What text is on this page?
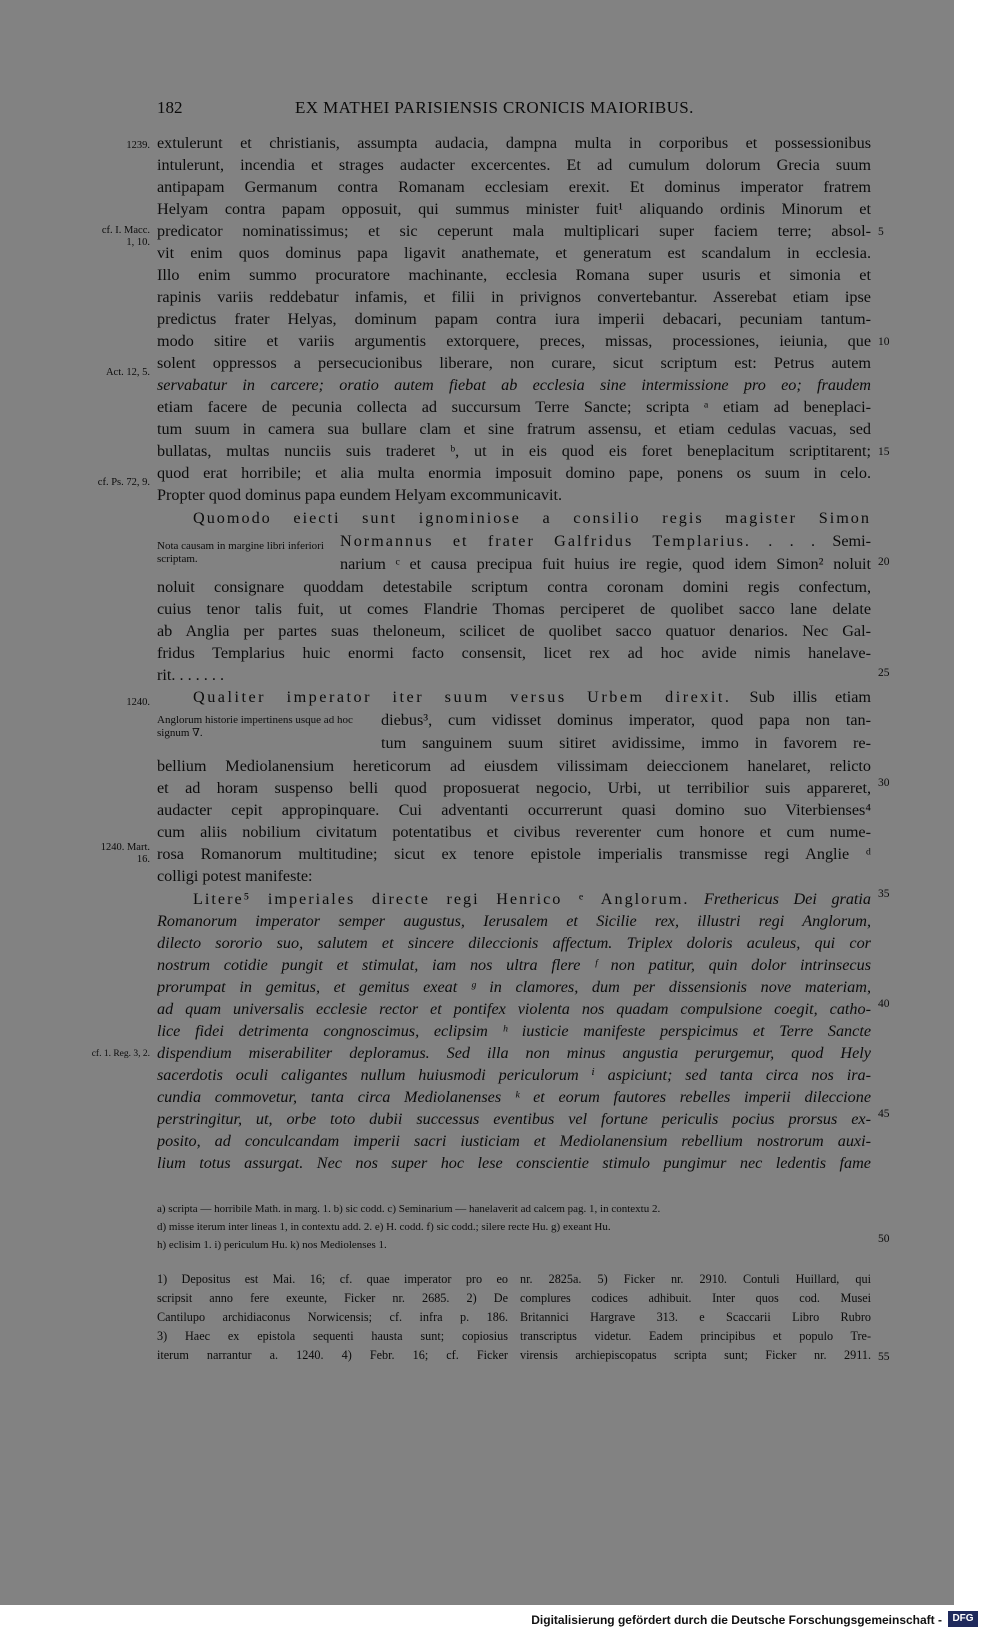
182	EX MATHEI PARISIENSIS CRONICIS MAIORIBUS.
1239.
cf. I. Macc. 1, 10.
Act. 12, 5.
cf. Ps. 72, 9.
Nota causam in margine libri inferiori scriptam.
1240.
Anglorum historie impertinens usque ad hoc signum ∇.
1240. Mart. 16.
cf. 1. Reg. 3, 2.
5
10
15
20
25
30
35
40
45
50
55
extulerunt et christianis, assumpta audacia, dampna multa in corporibus et possessionibus
intulerunt, incendia et strages audacter excercentes. Et ad cumulum dolorum Grecia suum
antipapam Germanum contra Romanam ecclesiam erexit. Et dominus imperator fratrem
Helyam contra papam opposuit, qui summus minister fuit¹ aliquando ordinis Minorum et
predicator nominatissimus; et sic ceperunt mala multiplicari super faciem terre; absol-
vit enim quos dominus papa ligavit anathemate, et generatum est scandalum in ecclesia.
Illo enim summo procuratore machinante, ecclesia Romana super usuris et simonia et
rapinis variis reddebatur infamis, et filii in privignos convertebantur. Asserebat etiam ipse
predictus frater Helyas, dominum papam contra iura imperii debacari, pecuniam tantum-
modo sitire et variis argumentis extorquere, preces, missas, processiones, ieiunia, que
solent oppressos a persecucionibus liberare, non curare, sicut scriptum est: Petrus autem
servabatur in carcere; oratio autem fiebat ab ecclesia sine intermissione pro eo; fraudem
etiam facere de pecunia collecta ad succursum Terre Sancte; scripta ᵃ etiam ad beneplaci-
tum suum in camera sua bullare clam et sine fratrum assensu, et etiam cedulas vacuas, sed
bullatas, multas nunciis suis traderet ᵇ, ut in eis quod eis foret beneplacitum scriptitarent;
quod erat horribile; et alia multa enormia imposuit domino pape, ponens os suum in celo.
Propter quod dominus papa eundem Helyam excommunicavit.
Quomodo eiecti sunt ignominiose a consilio regis magister Simon
Normannus et frater Galfridus Templarius. . . . Semi-
narium ᶜ et causa precipua fuit huius ire regie, quod idem Simon² noluit
noluit consignare quoddam detestabile scriptum contra coronam domini regis confectum,
cuius tenor talis fuit, ut comes Flandrie Thomas perciperet de quolibet sacco lane delate
ab Anglia per partes suas theloneum, scilicet de quolibet sacco quatuor denarios. Nec Gal-
fridus Templarius huic enormi facto consensit, licet rex ad hoc avide nimis hanelave-
rit. . . . . . .
Qualiter imperator iter suum versus Urbem direxit. Sub illis etiam
diebus³, cum vidisset dominus imperator, quod papa non tan-
tum sanguinem suum sitiret avidissime, immo in favorem re-
bellium Mediolanensium hereticorum ad eiusdem vilissimam deieccionem hanelaret, relicto
et ad horam suspenso belli quod proposuerat negocio, Urbi, ut terribilior suis appareret,
audacter cepit appropinquare. Cui adventanti occurrerunt quasi domino suo Viterbienses⁴
cum aliis nobilium civitatum potentatibus et civibus reverenter cum honore et cum nume-
rosa Romanorum multitudine; sicut ex tenore epistole imperialis transmisse regi Anglie ᵈ
colligi potest manifeste:
Litere⁵ imperiales directe regi Henrico ᵉ Anglorum. Frethericus Dei gratia
Romanorum imperator semper augustus, Ierusalem et Sicilie rex, illustri regi Anglorum,
dilecto sororio suo, salutem et sincere dileccionis affectum. Triplex doloris aculeus, qui cor
nostrum cotidie pungit et stimulat, iam nos ultra flere ᶠ non patitur, quin dolor intrinsecus
prorumpat in gemitus, et gemitus exeat ᵍ in clamores, dum per dissensionis nove materiam,
ad quam universalis ecclesie rector et pontifex violenta nos quadam compulsione coegit, catho-
lice fidei detrimenta congnoscimus, eclipsim ʰ iusticie manifeste perspicimus et Terre Sancte
dispendium miserabiliter deploramus. Sed illa non minus angustia perurgemur, quod Hely
sacerdotis oculi caligantes nullum huiusmodi periculorum ⁱ aspiciunt; sed tanta circa nos ira-
cundia commovetur, tanta circa Mediolanenses ᵏ et eorum fautores rebelles imperii dileccione
perstringitur, ut, orbe toto dubii successus eventibus vel fortune periculis pocius prorsus ex-
posito, ad conculcandam imperii sacri iusticiam et Mediolanensium rebellium nostrorum auxi-
lium totus assurgat. Nec nos super hoc lese conscientie stimulo pungimur nec ledentis fame
a) scripta — horribile Math. in marg. 1. b) sic codd. c) Seminarium — hanelaverit ad calcem pag. 1, in contextu 2.
d) misse iterum inter lineas 1, in contextu add. 2. e) H. codd. f) sic codd.; silere recte Hu. g) exeant Hu.
h) eclisim 1. i) periculum Hu. k) nos Mediolenses 1.
1) Depositus est Mai. 16; cf. quae imperator pro eo
scripsit anno fere exeunte, Ficker nr. 2685. 2) De
Cantilupo archidiaconus Norwicensis; cf. infra p. 186.
3) Haec ex epistola sequenti hausta sunt; copiosius
iterum narrantur a. 1240. 4) Febr. 16; cf. Ficker
nr. 2825a. 5) Ficker nr. 2910. Contuli Huillard, qui
complures codices adhibuit. Inter quos cod. Musei
Britannici Hargrave 313. e Scaccarii Libro Rubro
transcriptus videtur. Eadem principibus et populo Tre-
virensis archiepiscopatus scripta sunt; Ficker nr. 2911.
Digitalisierung gefördert durch die Deutsche Forschungsgemeinschaft -	DFG
